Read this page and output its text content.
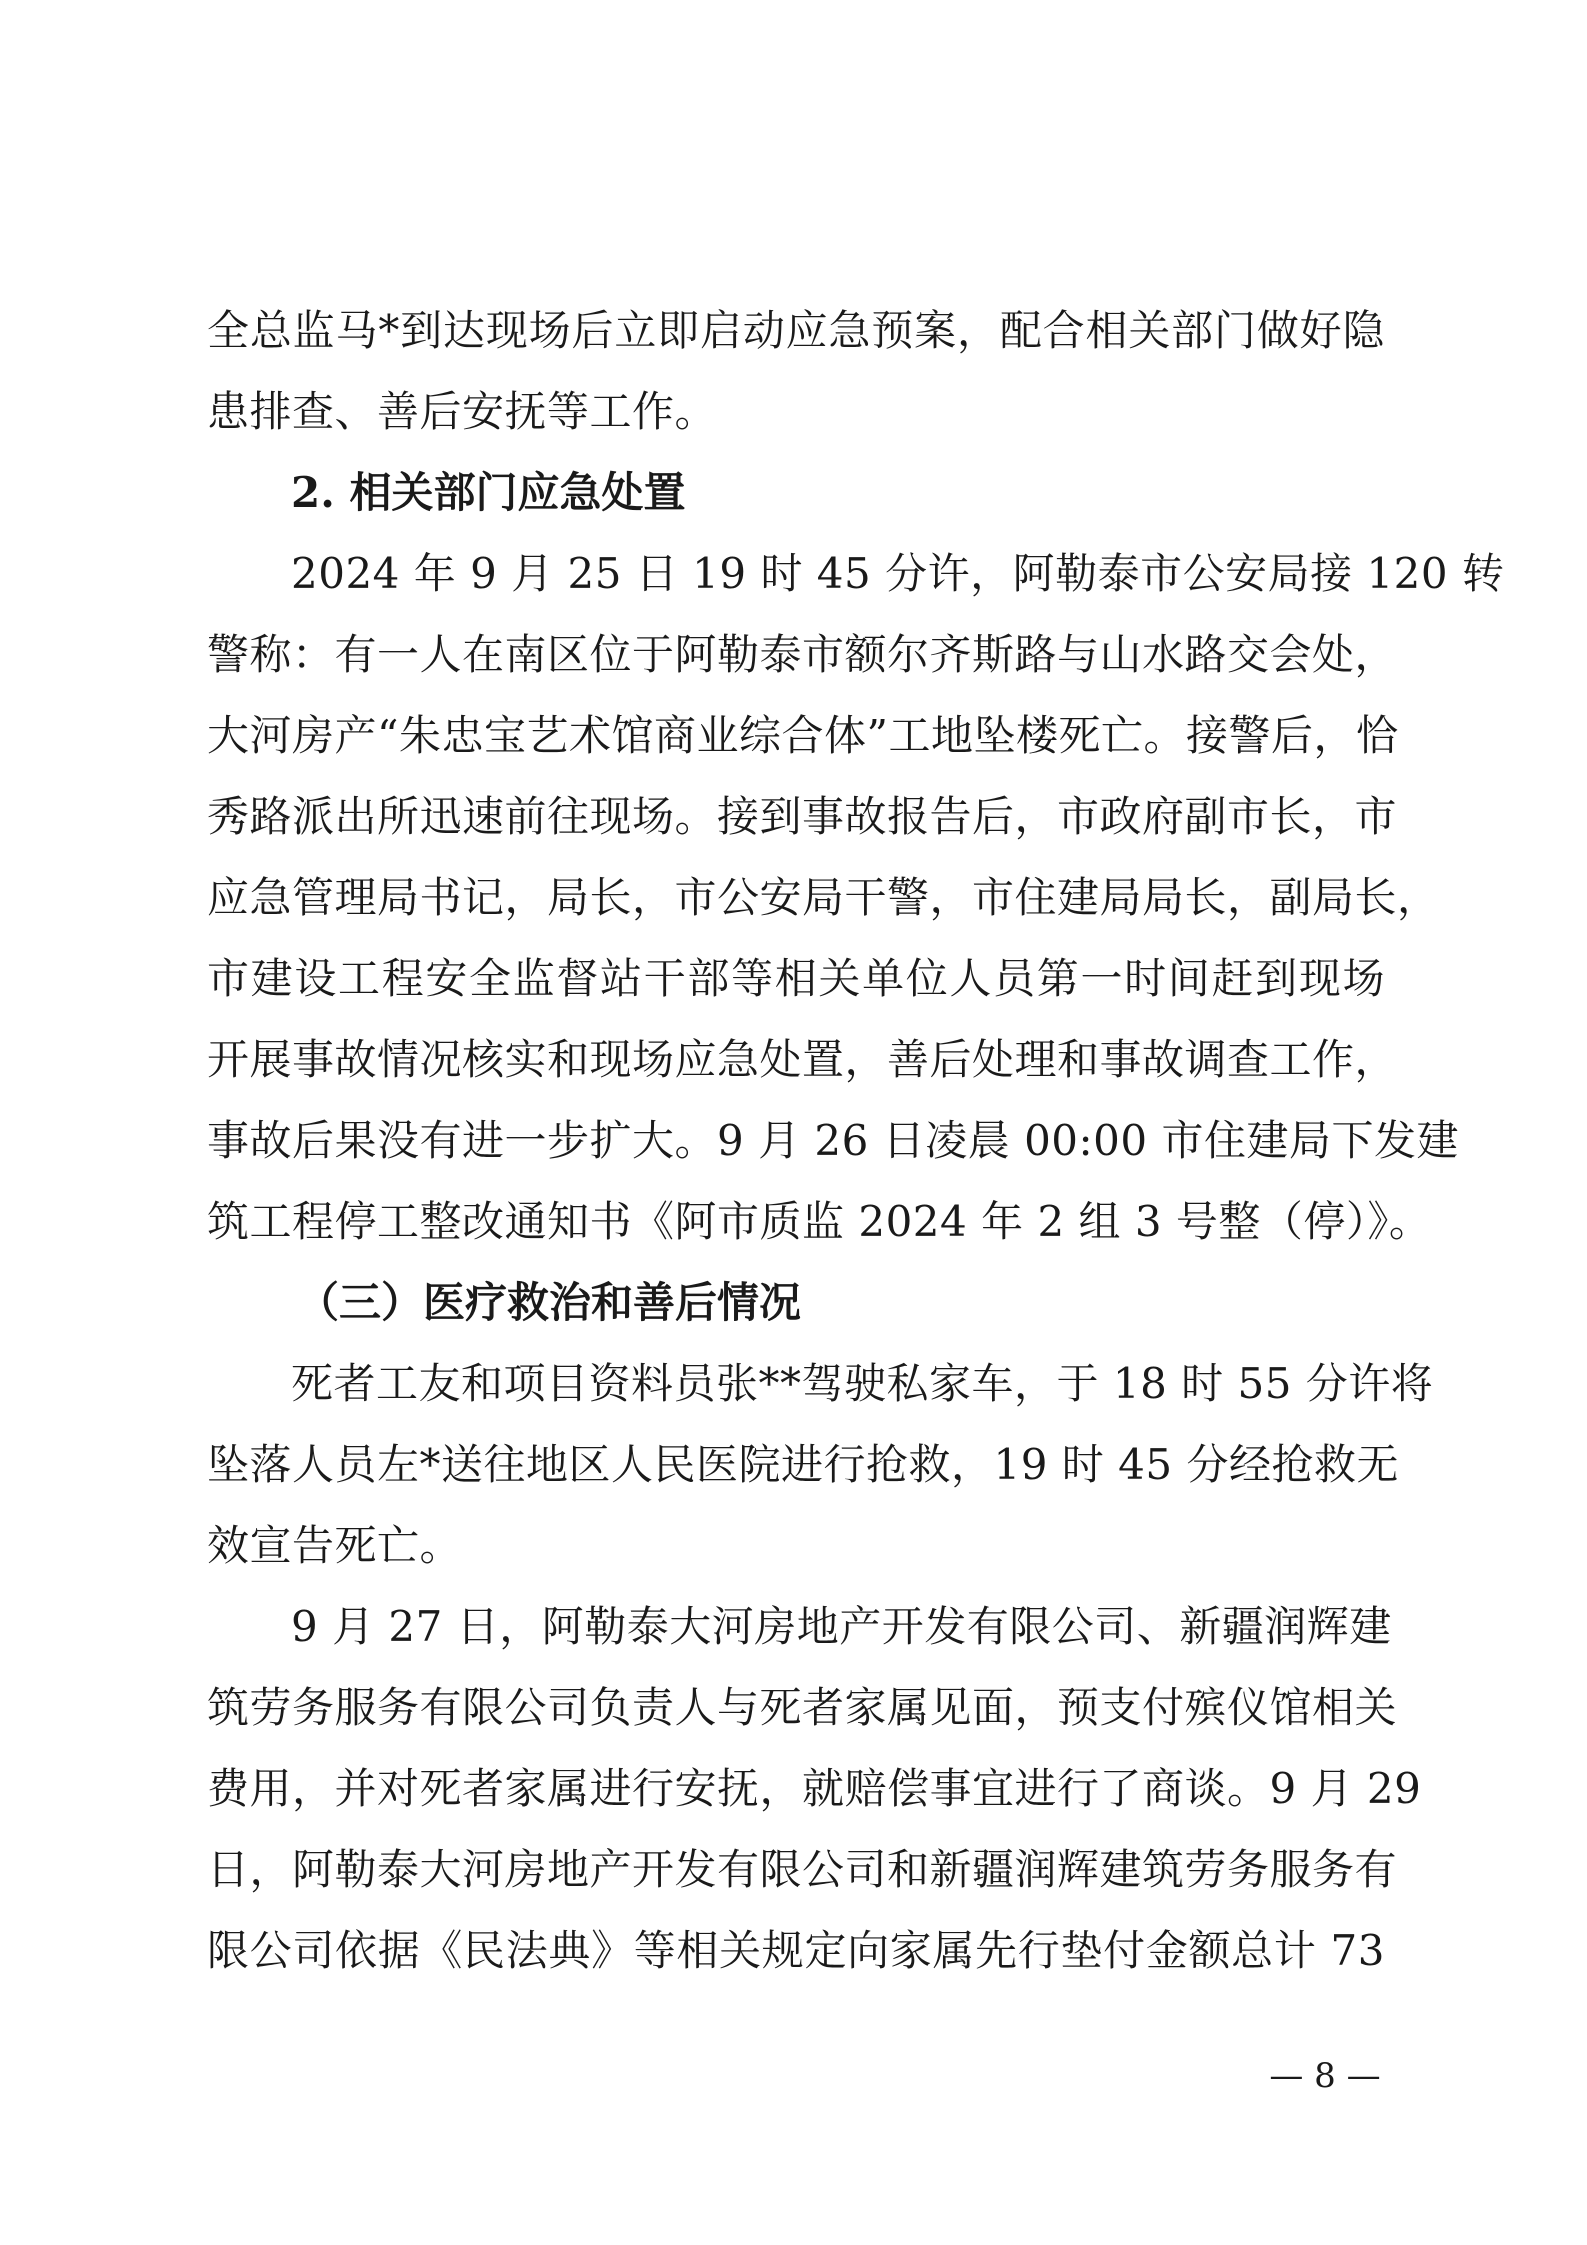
全总监马*到达现场后立即启动应急预案，配合相关部门做好隐
患排查、善后安抚等工作。
2. 相关部门应急处置
2024 年 9 月 25 日 19 时 45 分许，阿勒泰市公安局接 120 转
警称：有一人在南区位于阿勒泰市额尔齐斯路与山水路交会处，
大河房产“朱忠宝艺术馆商业综合体”工地坠楼死亡。接警后，恰
秀路派出所迅速前往现场。接到事故报告后，市政府副市长，市
应急管理局书记，局长，市公安局干警，市住建局局长，副局长，
市建设工程安全监督站干部等相关单位人员第一时间赶到现场
开展事故情况核实和现场应急处置，善后处理和事故调查工作，
事故后果没有进一步扩大。9 月 26 日凌晨 00:00 市住建局下发建
筑工程停工整改通知书《阿市质监 2024 年 2 组 3 号整（停）》。
（三）医疗救治和善后情况
死者工友和项目资料员张**驾驶私家车，于 18 时 55 分许将
坠落人员左*送往地区人民医院进行抢救，19 时 45 分经抢救无
效宣告死亡。
9 月 27 日，阿勒泰大河房地产开发有限公司、新疆润辉建
筑劳务服务有限公司负责人与死者家属见面，预支付殡仪馆相关
费用，并对死者家属进行安抚，就赔偿事宜进行了商谈。9 月 29
日，阿勒泰大河房地产开发有限公司和新疆润辉建筑劳务服务有
限公司依据《民法典》等相关规定向家属先行垫付金额总计 73
— 8 —
